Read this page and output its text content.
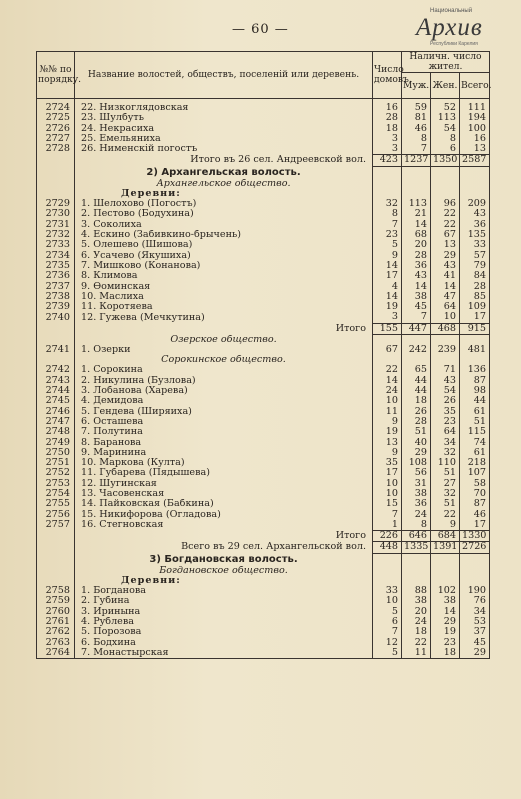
— 60 —
Национальный
Архив
Республики Карелия
№№ по порядку.	Название волостей, обществъ, поселеній или деревень.	Число домовъ.	Наличн. число жител.		
			Муж.	Жен.	Всего.

2724	22. Низкоглядовская	16	59	52	111
2725	23. Шулбуть	28	81	113	194
2726	24. Некрасиха	18	46	54	100
2727	25. Емельяниха	3	8	8	16
2728	26. Нименскій погостъ	3	7	6	13
	Итого въ 26 сел. Андреевской вол.	423	1237	1350	2587
	2) Архангельская волость.				
	Архангельское общество.				
	Деревни:				
2729	1. Шелохово (Погостъ)	32	113	96	209
2730	2. Пестово (Бодухина)	8	21	22	43
2731	3. Соколиха	7	14	22	36
2732	4. Ескино (Забивкино-брычень)	23	68	67	135
2733	5. Олешево (Шишова)	5	20	13	33
2734	6. Усачево (Якушиха)	9	28	29	57
2735	7. Мишково (Конанова)	14	36	43	79
2736	8. Климова	17	43	41	84
2737	9. Ѳоминская	4	14	14	28
2738	10. Маслиха	14	38	47	85
2739	11. Коротяева	19	45	64	109
2740	12. Гужева (Мечкутина)	3	7	10	17
	Итого	155	447	468	915
	Озерское общество.				
2741	1. Озерки	67	242	239	481
	Сорокинское общество.				
2742	1. Сорокина	22	65	71	136
2743	2. Никулина (Бузлова)	14	44	43	87
2744	3. Лобанова (Харева)	24	44	54	98
2745	4. Демидова	10	18	26	44
2746	5. Гендева (Ширяиха)	11	26	35	61
2747	6. Осташева	9	28	23	51
2748	7. Полутина	19	51	64	115
2749	8. Баранова	13	40	34	74
2750	9. Маринина	9	29	32	61
2751	10. Маркова (Култа)	35	108	110	218
2752	11. Губарева (Пядышева)	17	56	51	107
2753	12. Шугинская	10	31	27	58
2754	13. Часовенская	10	38	32	70
2755	14. Пайковская (Бабкина)	15	36	51	87
2756	15. Никифорова (Огладова)	7	24	22	46
2757	16. Стегновская	1	8	9	17
	Итого	226	646	684	1330
	Всего въ 29 сел. Архангельской вол.	448	1335	1391	2726
	3) Богдановская волость.				
	Богдановское общество.				
	Деревни:				
2758	1. Богданова	33	88	102	190
2759	2. Губина	10	38	38	76
2760	3. Иринына	5	20	14	34
2761	4. Рублева	6	24	29	53
2762	5. Порозова	7	18	19	37
2763	6. Бодхина	12	22	23	45
2764	7. Монастырская	5	11	18	29
